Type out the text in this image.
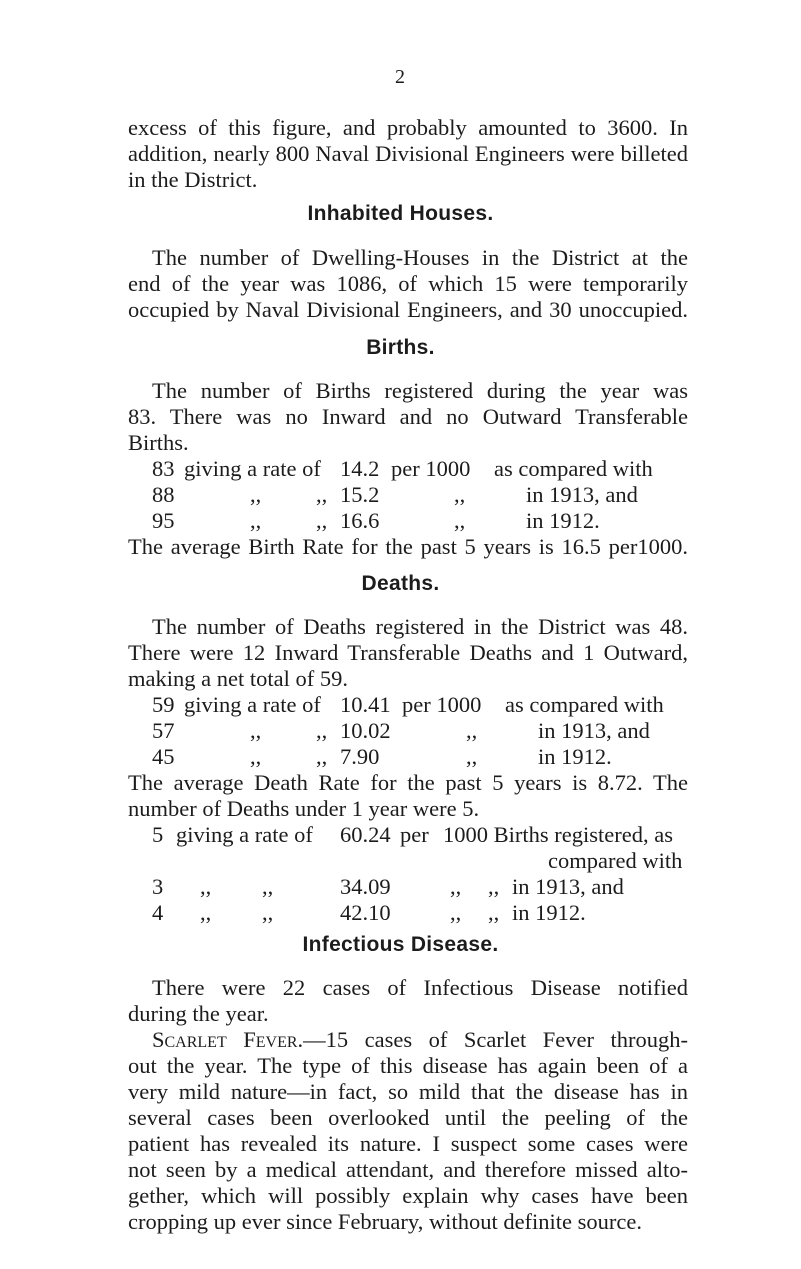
2
excess of this figure, and probably amounted to 3600. In
addition, nearly 800 Naval Divisional Engineers were billeted
in the District.
Inhabited Houses.
The number of Dwelling-Houses in the District at the
end of the year was 1086, of which 15 were temporarily
occupied by Naval Divisional Engineers, and 30 unoccupied.
Births.
The number of Births registered during the year was
83. There was no Inward and no Outward Transferable
Births.
83 giving a rate of 14.2 per 1000 as compared with
88	,, ,, 15.2	,,	in 1913, and
95	,, ,, 16.6	,,	in 1912.
The average Birth Rate for the past 5 years is 16.5 per1000.
Deaths.
The number of Deaths registered in the District was 48.
There were 12 Inward Transferable Deaths and 1 Outward,
making a net total of 59.
59 giving a rate of 10.41 per 1000 as compared with
57	,, ,, 10.02	,,	in 1913, and
45	,, ,, 7.90	,,	in 1912.
The average Death Rate for the past 5 years is 8.72. The
number of Deaths under 1 year were 5.
5 giving a rate of 60.24 per 1000 Births registered, as
compared with
3 ,, ,,	34.09	,, ,, in 1913, and
4 ,, ,,	42.10	,, ,, in 1912.
Infectious Disease.
There were 22 cases of Infectious Disease notified
during the year.
Scarlet Fever.—15 cases of Scarlet Fever through-
out the year. The type of this disease has again been of a
very mild nature—in fact, so mild that the disease has in
several cases been overlooked until the peeling of the
patient has revealed its nature. I suspect some cases were
not seen by a medical attendant, and therefore missed alto-
gether, which will possibly explain why cases have been
cropping up ever since February, without definite source.
